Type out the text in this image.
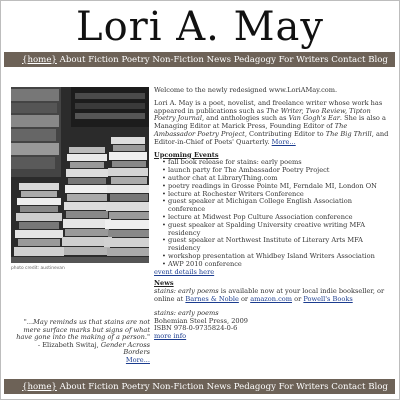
Lori A. May
{home} About Fiction Poetry Non-Fiction News Pedagogy For Writers Contact Blog
photo credit: austinevan
"...May reminds us that stains are not mere surface marks but signs of what have gone into the making of a person."
- Elizabeth Switaj, Gender Across Borders
More...

Welcome to the newly redesigned www.LoriAMay.com.

Lori A. May is a poet, novelist, and freelance writer whose work has appeared in publications such as The Writer, Two Review, Tipton Poetry Journal, and anthologies such as Van Gogh's Ear. She is also a Managing Editor at Marick Press, Founding Editor of The Ambassador Poetry Project, Contributing Editor to The Big Thrill, and Editor-in-Chief of Poets' Quarterly. More...

Upcoming Events
• fall book release for stains: early poems
• launch party for The Ambassador Poetry Project
• author chat at LibraryThing.com
• poetry readings in Grosse Pointe MI, Ferndale MI, London ON
• lecture at Rochester Writers Conference
• guest speaker at Michigan College English Association conference
• lecture at Midwest Pop Culture Association conference
• guest speaker at Spalding University creative writing MFA residency
• guest speaker at Northwest Institute of Literary Arts MFA residency
• workshop presentation at Whidbey Island Writers Association
• AWP 2010 conference
event details here
News

stains: early poems is available now at your local indie bookseller, or online at Barnes & Noble or amazon.com or Powell's Books

stains: early poems
Bohemian Steel Press, 2009
ISBN 978-0-9735824-0-6
more info

{home} About Fiction Poetry Non-Fiction News Pedagogy For Writers Contact Blog
